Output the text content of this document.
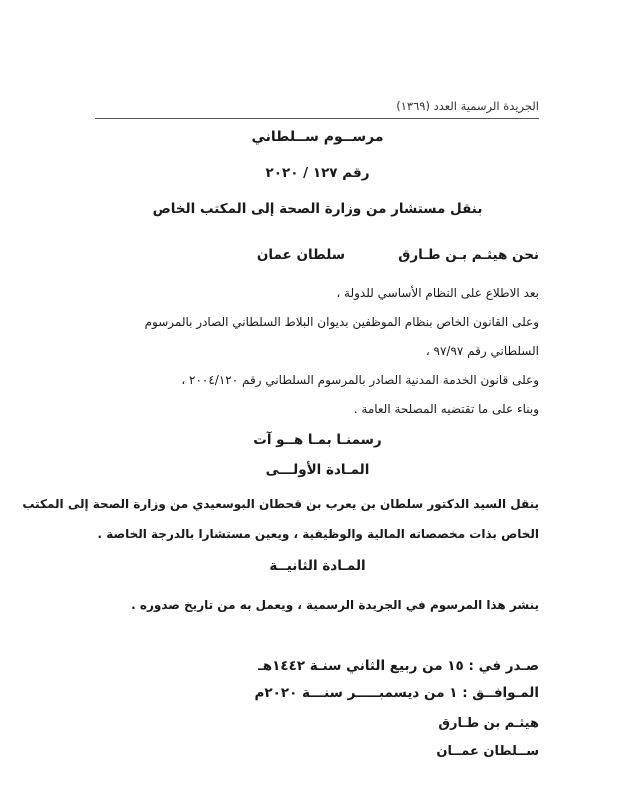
الجريدة الرسمية العدد (١٣٦٩)
مرســوم ســلطاني
رقم ١٢٧ / ٢٠٢٠
بنقل مستشار من وزارة الصحة إلى المكتب الخاص
نحن هيثـم بـن طـارق
سلطان عمان
بعد الاطلاع على النظام الأساسي للدولة ،
وعلى القانون الخاص بنظام الموظفين بديوان البلاط السلطاني الصادر بالمرسوم
السلطاني رقم ٩٧/٩٧ ،
وعلى قانون الخدمة المدنية الصادر بالمرسوم السلطاني رقم ٢٠٠٤/١٢٠ ،
وبناء على ما تقتضيه المصلحة العامة .
رسمنـا بمـا هــو آت
المـادة الأولـــى
ينقل السيد الدكتور سلطان بن يعرب بن قحطان البوسعيدي من وزارة الصحة إلى المكتب
الخاص بذات مخصصاته المالية والوظيفية ، ويعين مستشارا بالدرجة الخاصة .
المـادة الثانيــة
ينشر هذا المرسوم في الجريدة الرسمية ، ويعمل به من تاريخ صدوره .
صـدر في : ١٥ من ربيع الثاني سنـة ١٤٤٢هـ
المـوافــق : ١ من ديسمبـــــر سنـــة ٢٠٢٠م
هيثـم بن طـارق
ســلطان عمــان
